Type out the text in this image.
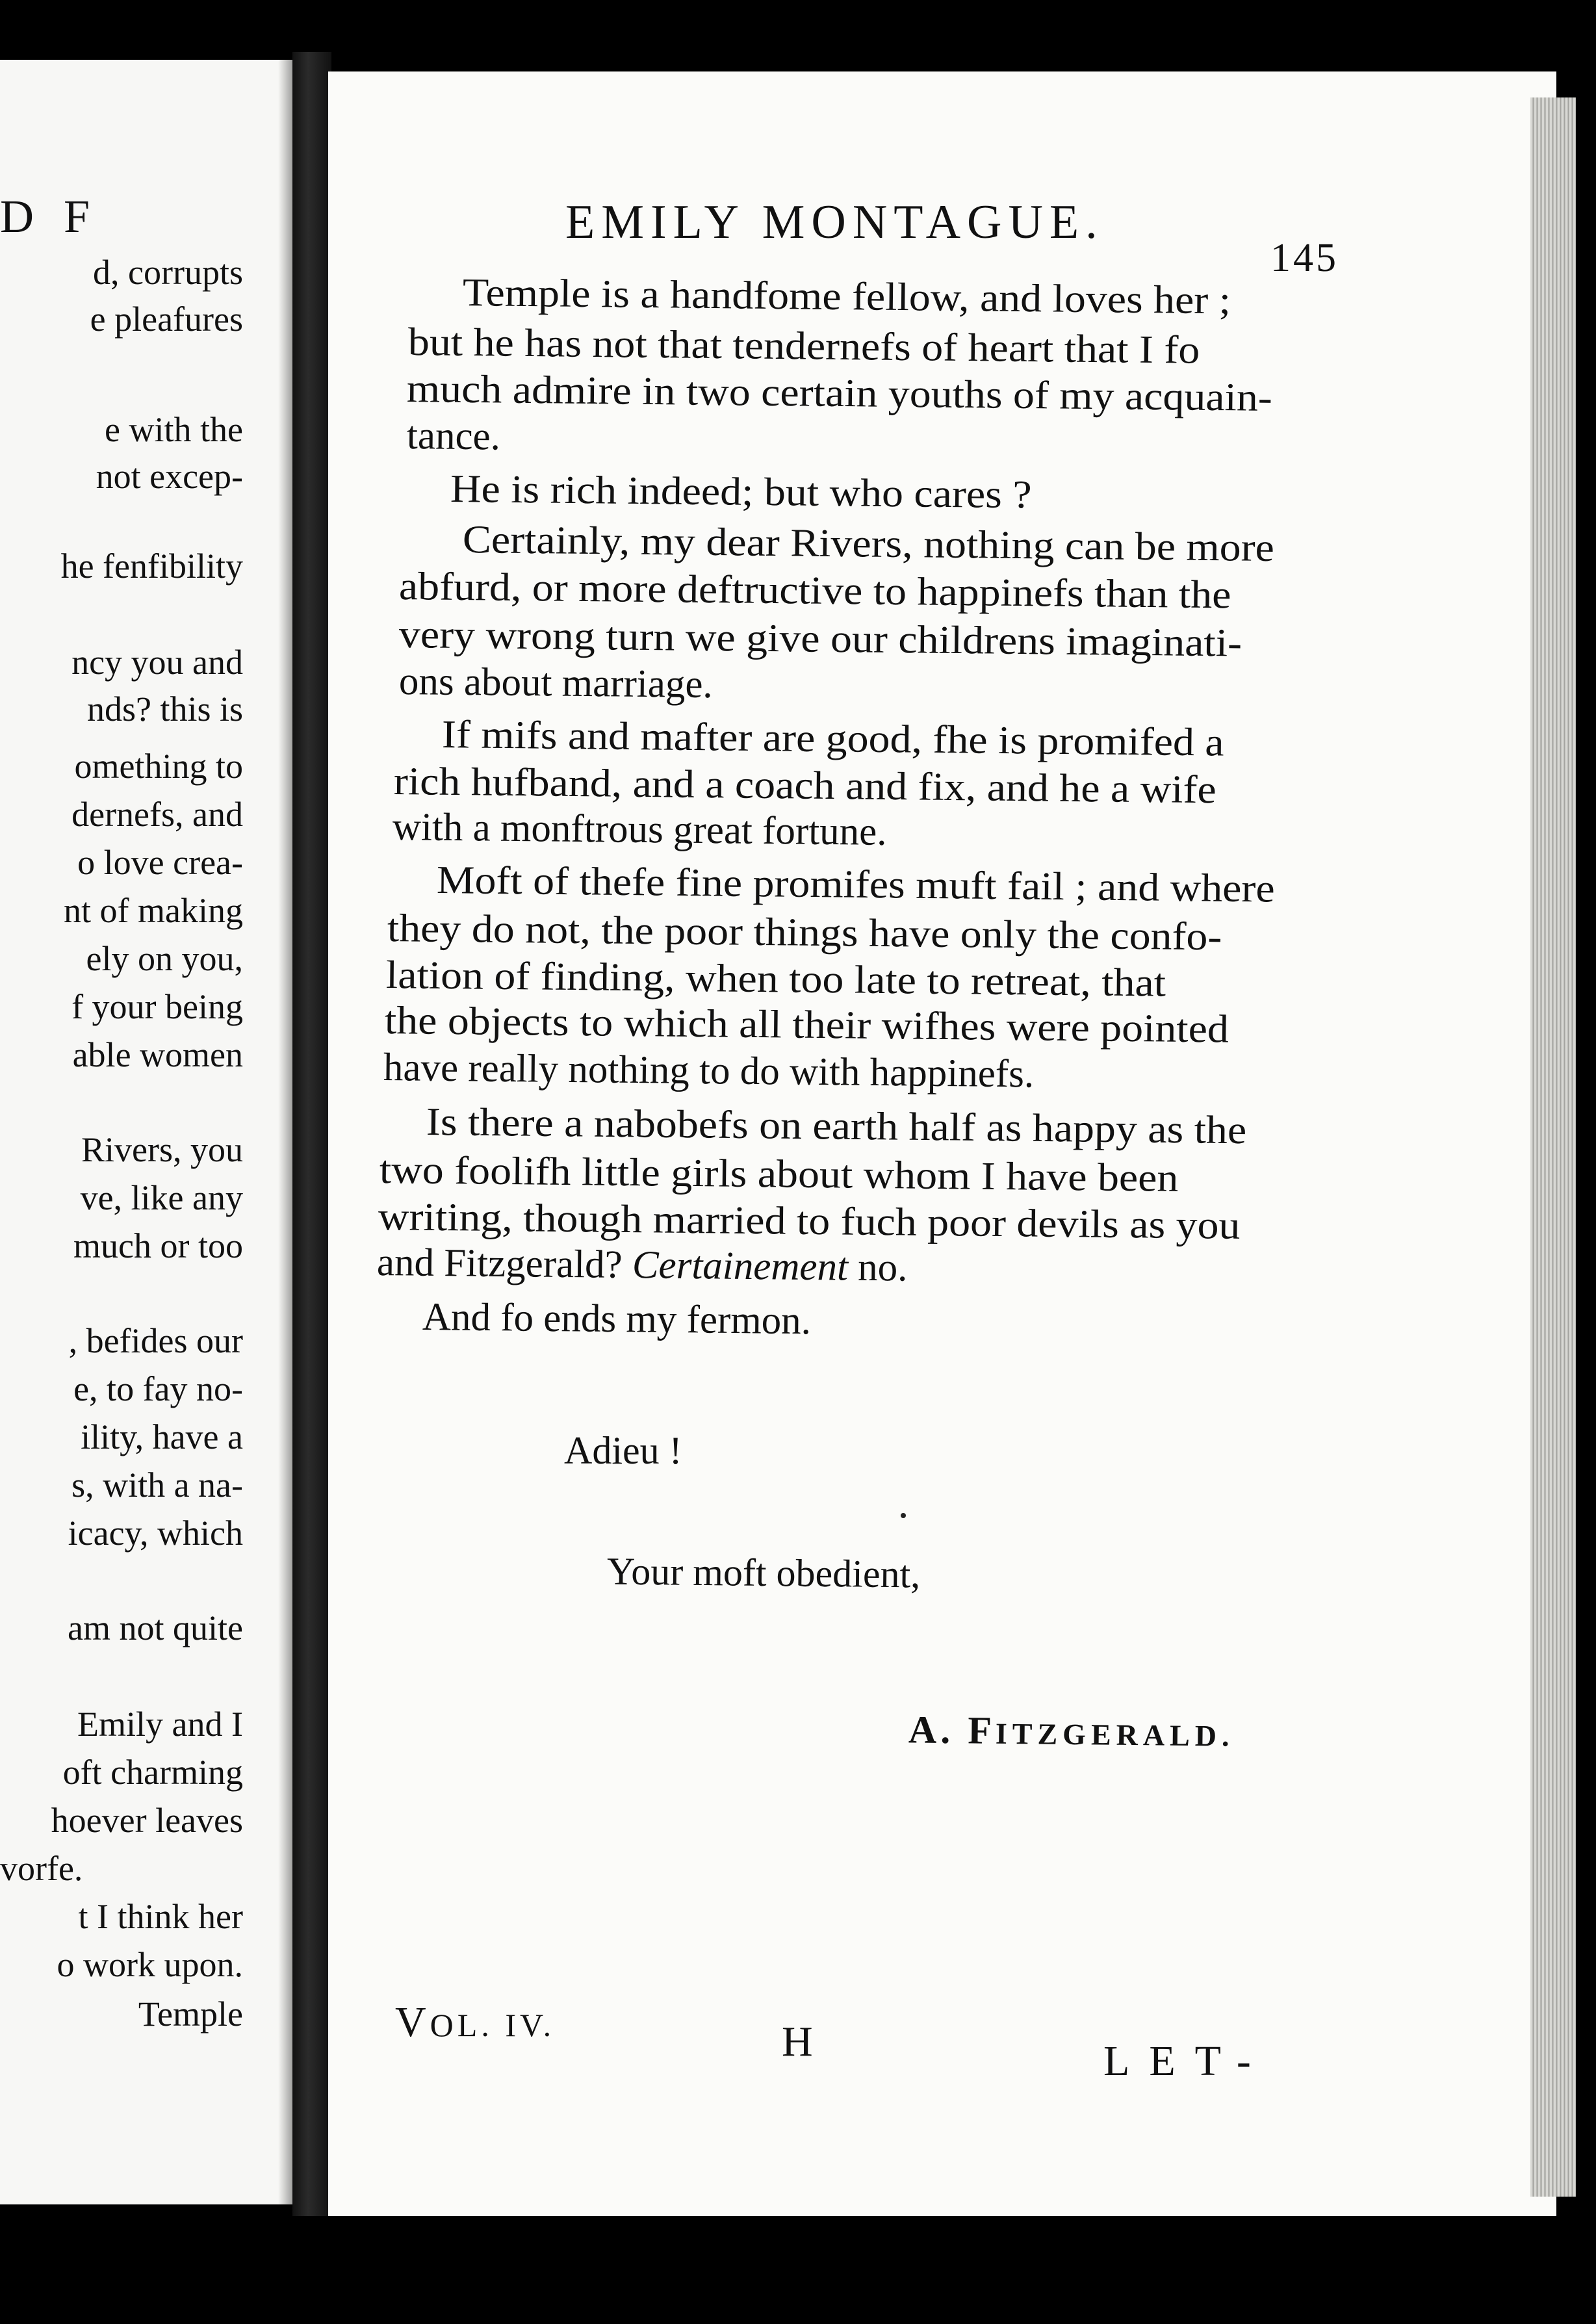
D F
d, corrupts
e pleafures
e with the
not excep-
he fenfibility
ncy you and
nds? this is
omething to
dernefs, and
o love crea-
nt of making
ely on you,
f your being
able women
Rivers, you
ve, like any
much or too
, befides our
e, to fay no-
ility, have a
s, with a na-
icacy, which
am not quite
Emily and I
oft charming
hoever leaves
vorfe.
t I think her
o work upon.
Temple
EMILY MONTAGUE.
145
Temple is a handfome fellow, and loves her ;
but he has not that tendernefs of heart that I fo
much admire in two certain youths of my acquain-
tance.
He is rich indeed; but who cares ?
Certainly, my dear Rivers, nothing can be more
abfurd, or more deftructive to happinefs than the
very wrong turn we give our childrens imaginati-
ons about marriage.
If mifs and mafter are good, fhe is promifed a
rich hufband, and a coach and fix, and he a wife
with a monftrous great fortune.
Moft of thefe fine promifes muft fail ; and where
they do not, the poor things have only the confo-
lation of finding, when too late to retreat, that
the objects to which all their wifhes were pointed
have really nothing to do with happinefs.
Is there a nabobefs on earth half as happy as the
two foolifh little girls about whom I have been
writing, though married to fuch poor devils as you
and Fitzgerald? Certainement no.
And fo ends my fermon.
Adieu !
Your moft obedient,
A. FITZGERALD.
VOL. IV.	H	LET-
